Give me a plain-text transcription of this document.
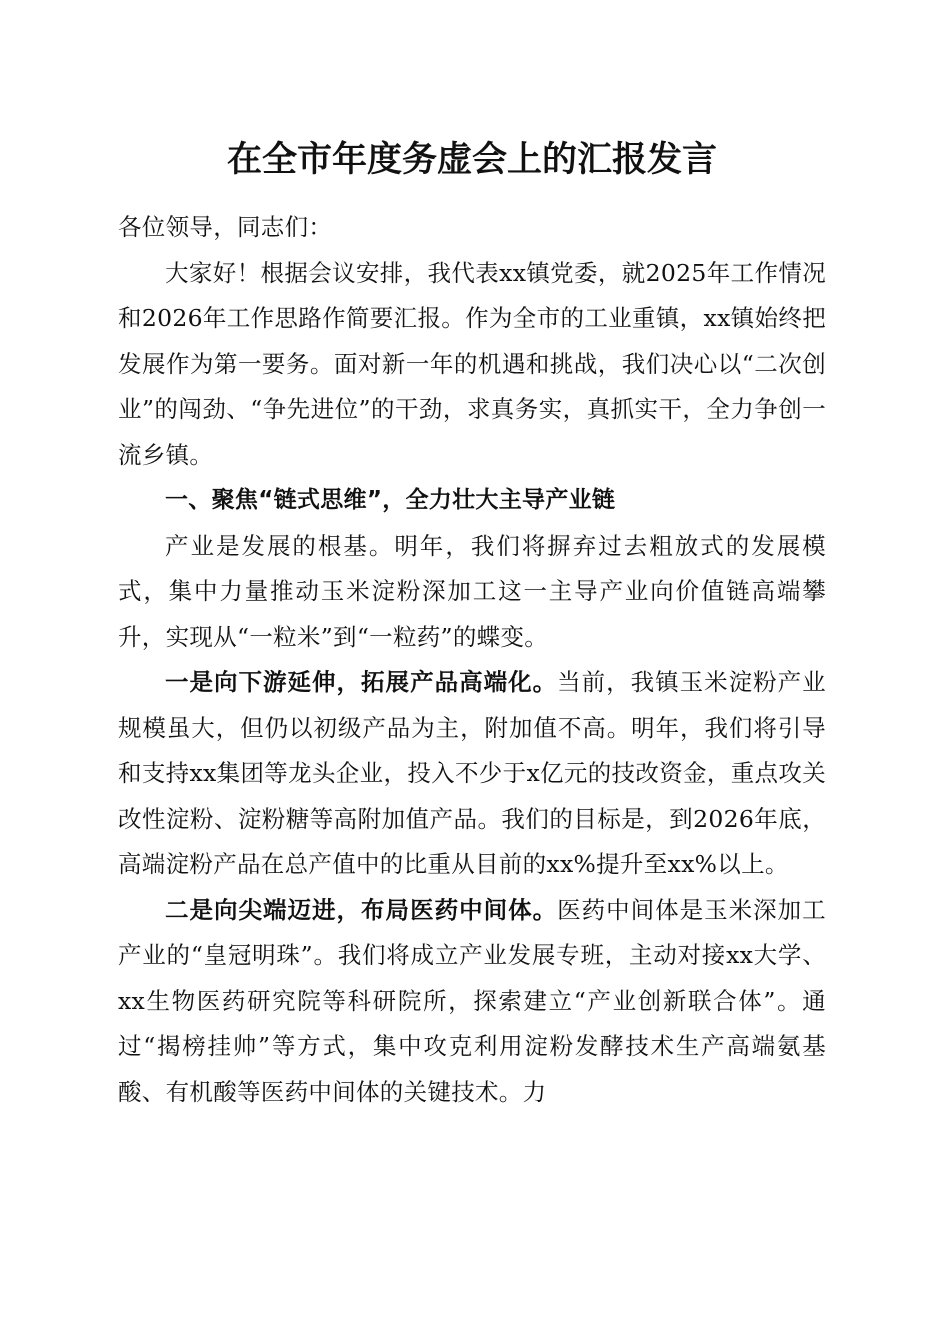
在全市年度务虚会上的汇报发言

各位领导，同志们：

大家好！根据会议安排，我代表xx镇党委，就2025年工作情况和2026年工作思路作简要汇报。作为全市的工业重镇，xx镇始终把发展作为第一要务。面对新一年的机遇和挑战，我们决心以“二次创业”的闯劲、“争先进位”的干劲，求真务实，真抓实干，全力争创一流乡镇。

一、聚焦“链式思维”，全力壮大主导产业链

产业是发展的根基。明年，我们将摒弃过去粗放式的发展模式，集中力量推动玉米淀粉深加工这一主导产业向价值链高端攀升，实现从“一粒米”到“一粒药”的蝶变。

一是向下游延伸，拓展产品高端化。当前，我镇玉米淀粉产业规模虽大，但仍以初级产品为主，附加值不高。明年，我们将引导和支持xx集团等龙头企业，投入不少于x亿元的技改资金，重点攻关改性淀粉、淀粉糖等高附加值产品。我们的目标是，到2026年底，高端淀粉产品在总产值中的比重从目前的xx%提升至xx%以上。

二是向尖端迈进，布局医药中间体。医药中间体是玉米深加工产业的“皇冠明珠”。我们将成立产业发展专班，主动对接xx大学、xx生物医药研究院等科研院所，探索建立“产业创新联合体”。通过“揭榜挂帅”等方式，集中攻克利用淀粉发酵技术生产高端氨基酸、有机酸等医药中间体的关键技术。力
